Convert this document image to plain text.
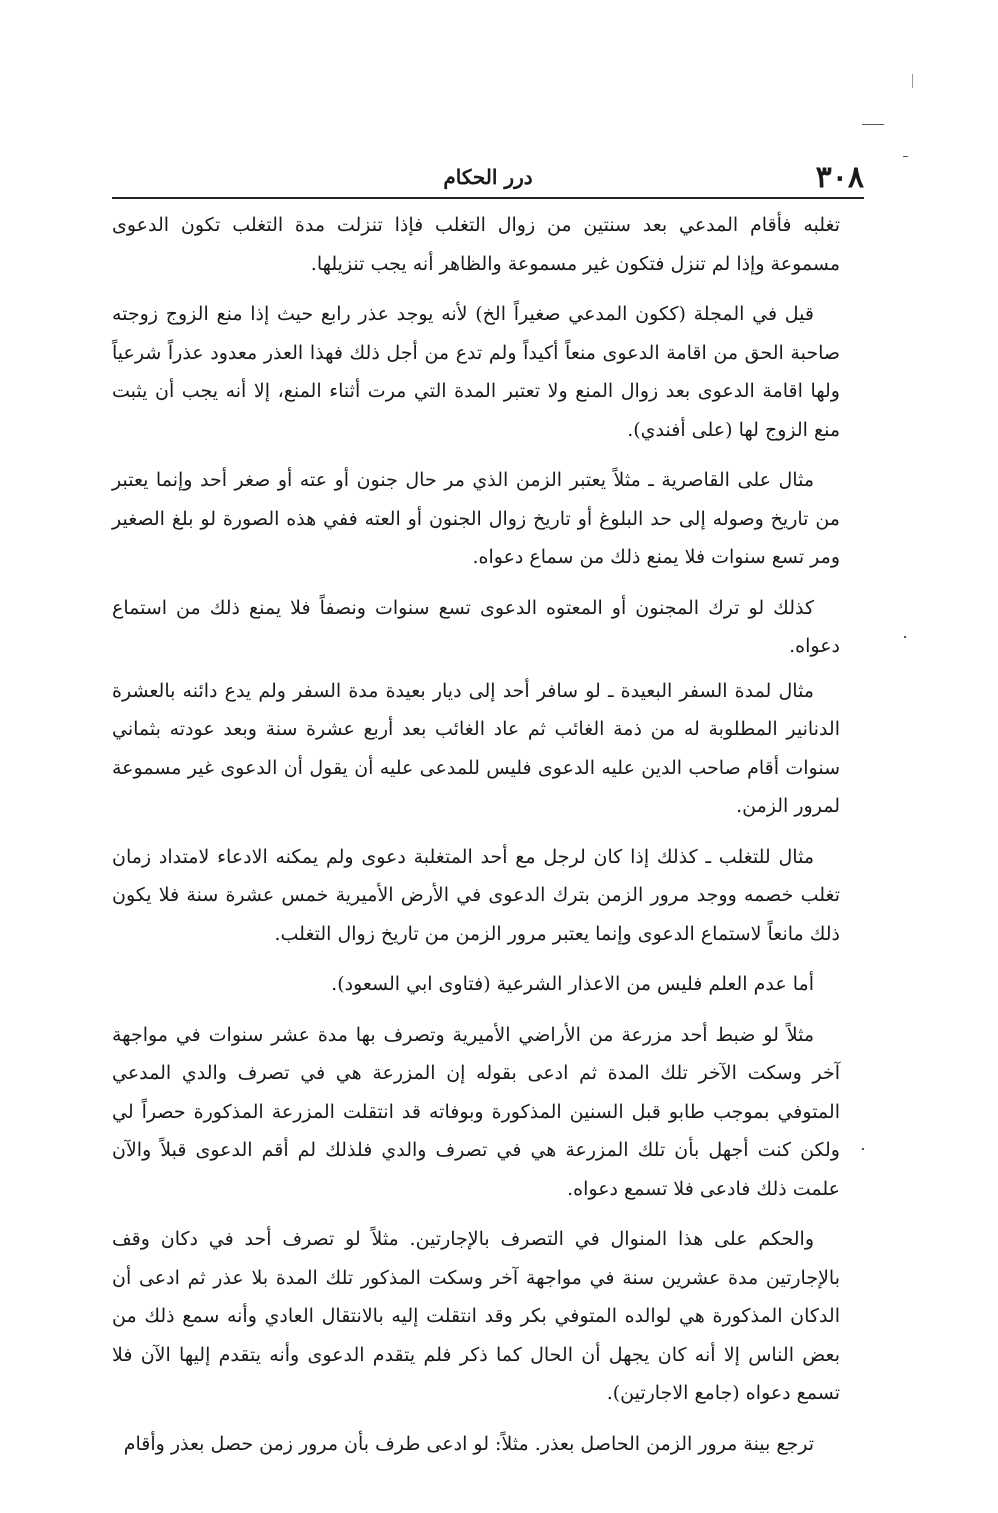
٣٠٨
درر الحكام

تغلبه فأقام المدعي بعد سنتين من زوال التغلب فإذا تنزلت مدة التغلب تكون الدعوى مسموعة وإذا لم تنزل فتكون غير مسموعة والظاهر أنه يجب تنزيلها.

قيل في المجلة (ككون المدعي صغيراً الخ) لأنه يوجد عذر رابع حيث إذا منع الزوج زوجته صاحبة الحق من اقامة الدعوى منعاً أكيداً ولم تدع من أجل ذلك فهذا العذر معدود عذراً شرعياً ولها اقامة الدعوى بعد زوال المنع ولا تعتبر المدة التي مرت أثناء المنع، إلا أنه يجب أن يثبت منع الزوج لها (على أفندي).

مثال على القاصرية ـ مثلاً يعتبر الزمن الذي مر حال جنون أو عته أو صغر أحد وإنما يعتبر من تاريخ وصوله إلى حد البلوغ أو تاريخ زوال الجنون أو العته ففي هذه الصورة لو بلغ الصغير ومر تسع سنوات فلا يمنع ذلك من سماع دعواه.

كذلك لو ترك المجنون أو المعتوه الدعوى تسع سنوات ونصفاً فلا يمنع ذلك من استماع دعواه.

مثال لمدة السفر البعيدة ـ لو سافر أحد إلى ديار بعيدة مدة السفر ولم يدع دائنه بالعشرة الدنانير المطلوبة له من ذمة الغائب ثم عاد الغائب بعد أربع عشرة سنة وبعد عودته بثماني سنوات أقام صاحب الدين عليه الدعوى فليس للمدعى عليه أن يقول أن الدعوى غير مسموعة لمرور الزمن.

مثال للتغلب ـ كذلك إذا كان لرجل مع أحد المتغلبة دعوى ولم يمكنه الادعاء لامتداد زمان تغلب خصمه ووجد مرور الزمن بترك الدعوى في الأرض الأميرية خمس عشرة سنة فلا يكون ذلك مانعاً لاستماع الدعوى وإنما يعتبر مرور الزمن من تاريخ زوال التغلب.

أما عدم العلم فليس من الاعذار الشرعية (فتاوى ابي السعود).

مثلاً لو ضبط أحد مزرعة من الأراضي الأميرية وتصرف بها مدة عشر سنوات في مواجهة آخر وسكت الآخر تلك المدة ثم ادعى بقوله إن المزرعة هي في تصرف والدي المدعي المتوفي بموجب طابو قبل السنين المذكورة وبوفاته قد انتقلت المزرعة المذكورة حصراً لي ولكن كنت أجهل بأن تلك المزرعة هي في تصرف والدي فلذلك لم أقم الدعوى قبلاً والآن علمت ذلك فادعى فلا تسمع دعواه.

والحكم على هذا المنوال في التصرف بالإجارتين. مثلاً لو تصرف أحد في دكان وقف بالإجارتين مدة عشرين سنة في مواجهة آخر وسكت المذكور تلك المدة بلا عذر ثم ادعى أن الدكان المذكورة هي لوالده المتوفي بكر وقد انتقلت إليه بالانتقال العادي وأنه سمع ذلك من بعض الناس إلا أنه كان يجهل أن الحال كما ذكر فلم يتقدم الدعوى وأنه يتقدم إليها الآن فلا تسمع دعواه (جامع الاجارتين).

ترجع بينة مرور الزمن الحاصل بعذر. مثلاً: لو ادعى طرف بأن مرور زمن حصل بعذر وأقام
